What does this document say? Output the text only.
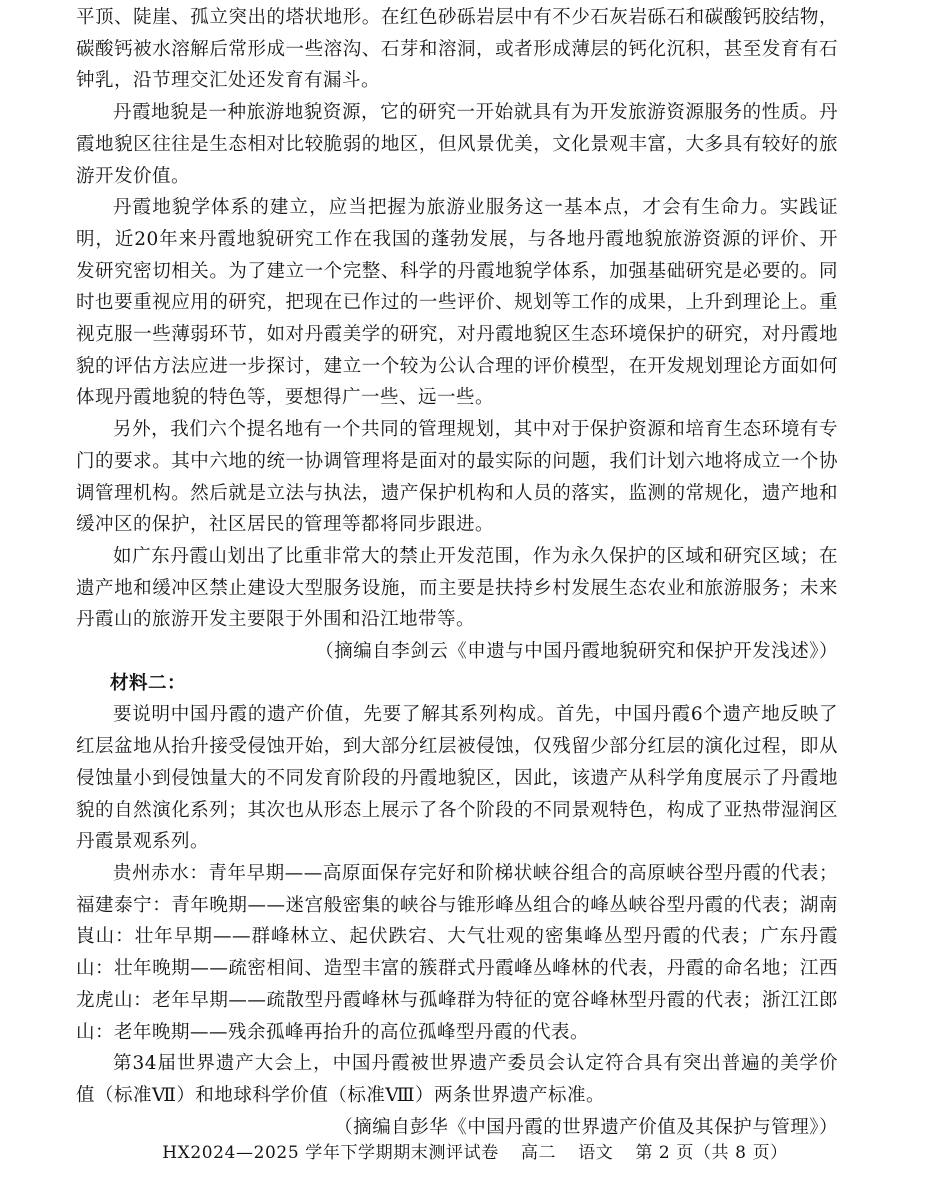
平顶、陡崖、孤立突出的塔状地形。在红色砂砾岩层中有不少石灰岩砾石和碳酸钙胶结物，碳酸钙被水溶解后常形成一些溶沟、石芽和溶洞，或者形成薄层的钙化沉积，甚至发育有石钟乳，沿节理交汇处还发育有漏斗。

丹霞地貌是一种旅游地貌资源，它的研究一开始就具有为开发旅游资源服务的性质。丹霞地貌区往往是生态相对比较脆弱的地区，但风景优美，文化景观丰富，大多具有较好的旅游开发价值。

丹霞地貌学体系的建立，应当把握为旅游业服务这一基本点，才会有生命力。实践证明，近20年来丹霞地貌研究工作在我国的蓬勃发展，与各地丹霞地貌旅游资源的评价、开发研究密切相关。为了建立一个完整、科学的丹霞地貌学体系，加强基础研究是必要的。同时也要重视应用的研究，把现在已作过的一些评价、规划等工作的成果，上升到理论上。重视克服一些薄弱环节，如对丹霞美学的研究，对丹霞地貌区生态环境保护的研究，对丹霞地貌的评估方法应进一步探讨，建立一个较为公认合理的评价模型，在开发规划理论方面如何体现丹霞地貌的特色等，要想得广一些、远一些。

另外，我们六个提名地有一个共同的管理规划，其中对于保护资源和培育生态环境有专门的要求。其中六地的统一协调管理将是面对的最实际的问题，我们计划六地将成立一个协调管理机构。然后就是立法与执法，遗产保护机构和人员的落实，监测的常规化，遗产地和缓冲区的保护，社区居民的管理等都将同步跟进。

如广东丹霞山划出了比重非常大的禁止开发范围，作为永久保护的区域和研究区域；在遗产地和缓冲区禁止建设大型服务设施，而主要是扶持乡村发展生态农业和旅游服务；未来丹霞山的旅游开发主要限于外围和沿江地带等。

（摘编自李剑云《申遗与中国丹霞地貌研究和保护开发浅述》）

材料二：

要说明中国丹霞的遗产价值，先要了解其系列构成。首先，中国丹霞6个遗产地反映了红层盆地从抬升接受侵蚀开始，到大部分红层被侵蚀，仅残留少部分红层的演化过程，即从侵蚀量小到侵蚀量大的不同发育阶段的丹霞地貌区，因此，该遗产从科学角度展示了丹霞地貌的自然演化系列；其次也从形态上展示了各个阶段的不同景观特色，构成了亚热带湿润区丹霞景观系列。

贵州赤水：青年早期——高原面保存完好和阶梯状峡谷组合的高原峡谷型丹霞的代表；福建泰宁：青年晚期——迷宫般密集的峡谷与锥形峰丛组合的峰丛峡谷型丹霞的代表；湖南崀山：壮年早期——群峰林立、起伏跌宕、大气壮观的密集峰丛型丹霞的代表；广东丹霞山：壮年晚期——疏密相间、造型丰富的簇群式丹霞峰丛峰林的代表，丹霞的命名地；江西龙虎山：老年早期——疏散型丹霞峰林与孤峰群为特征的宽谷峰林型丹霞的代表；浙江江郎山：老年晚期——残余孤峰再抬升的高位孤峰型丹霞的代表。

第34届世界遗产大会上，中国丹霞被世界遗产委员会认定符合具有突出普遍的美学价值（标准Ⅶ）和地球科学价值（标准Ⅷ）两条世界遗产标准。

（摘编自彭华《中国丹霞的世界遗产价值及其保护与管理》）

HX2024—2025 学年下学期期末测评试卷 高二 语文 第 2 页（共 8 页）
